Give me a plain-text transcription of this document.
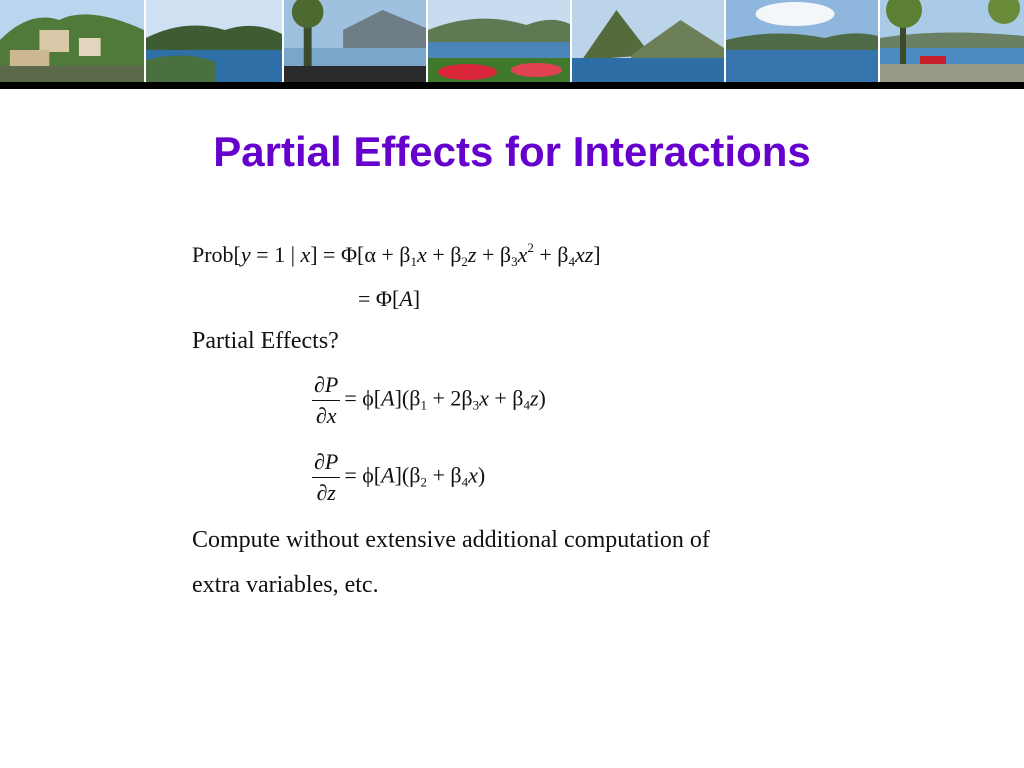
Partial Effects for Interactions
Prob[y = 1 | $x] = \Phi[\alpha + \beta_1x + \beta_2z + \beta_3x^2 + \beta_4xz]$
= Φ[A]
Partial Effects?
$\frac{\partial P}{\partial x} = \phi[A](\beta_1 + 2\beta_3x + \beta_4z)$
$\frac{\partial P}{\partial z} = \phi[A](\beta_2 + \beta_4x)$
Compute without extensive additional computation of
extra variables, etc.
